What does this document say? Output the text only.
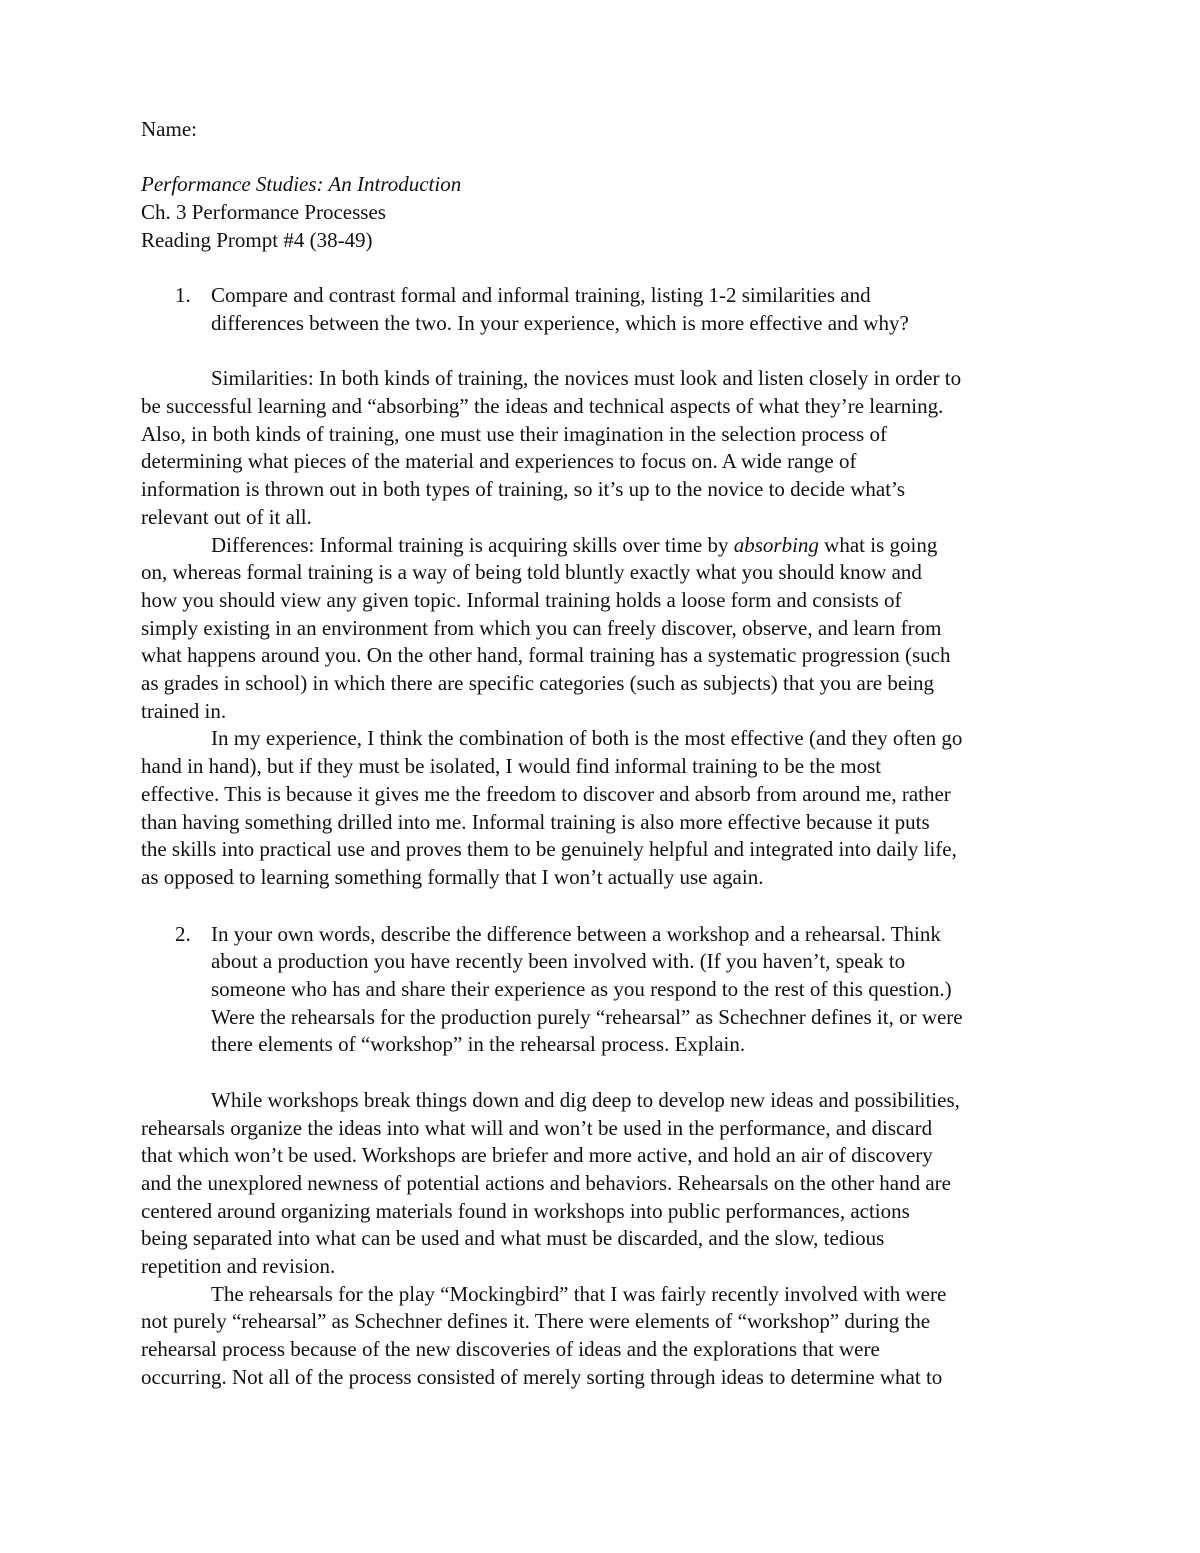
Name:
Performance Studies: An Introduction
Ch. 3 Performance Processes
Reading Prompt #4 (38-49)
1. Compare and contrast formal and informal training, listing 1-2 similarities and
differences between the two. In your experience, which is more effective and why?
Similarities: In both kinds of training, the novices must look and listen closely in order to
be successful learning and “absorbing” the ideas and technical aspects of what they’re learning.
Also, in both kinds of training, one must use their imagination in the selection process of
determining what pieces of the material and experiences to focus on. A wide range of
information is thrown out in both types of training, so it’s up to the novice to decide what’s
relevant out of it all.
Differences: Informal training is acquiring skills over time by absorbing what is going
on, whereas formal training is a way of being told bluntly exactly what you should know and
how you should view any given topic. Informal training holds a loose form and consists of
simply existing in an environment from which you can freely discover, observe, and learn from
what happens around you. On the other hand, formal training has a systematic progression (such
as grades in school) in which there are specific categories (such as subjects) that you are being
trained in.
In my experience, I think the combination of both is the most effective (and they often go
hand in hand), but if they must be isolated, I would find informal training to be the most
effective. This is because it gives me the freedom to discover and absorb from around me, rather
than having something drilled into me. Informal training is also more effective because it puts
the skills into practical use and proves them to be genuinely helpful and integrated into daily life,
as opposed to learning something formally that I won’t actually use again.
2. In your own words, describe the difference between a workshop and a rehearsal. Think
about a production you have recently been involved with. (If you haven’t, speak to
someone who has and share their experience as you respond to the rest of this question.)
Were the rehearsals for the production purely “rehearsal” as Schechner defines it, or were
there elements of “workshop” in the rehearsal process. Explain.
While workshops break things down and dig deep to develop new ideas and possibilities,
rehearsals organize the ideas into what will and won’t be used in the performance, and discard
that which won’t be used. Workshops are briefer and more active, and hold an air of discovery
and the unexplored newness of potential actions and behaviors. Rehearsals on the other hand are
centered around organizing materials found in workshops into public performances, actions
being separated into what can be used and what must be discarded, and the slow, tedious
repetition and revision.
The rehearsals for the play “Mockingbird” that I was fairly recently involved with were
not purely “rehearsal” as Schechner defines it. There were elements of “workshop” during the
rehearsal process because of the new discoveries of ideas and the explorations that were
occurring. Not all of the process consisted of merely sorting through ideas to determine what to
